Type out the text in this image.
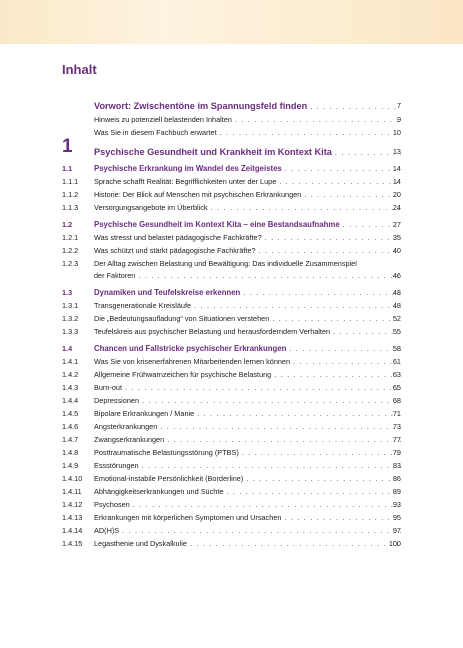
Inhalt
Vorwort: Zwischentöne im Spannungsfeld finden . . .	7
Hinweis zu potenziell belastenden Inhalten . . .	9
Was Sie in diesem Fachbuch erwartet . . .	10
1 Psychische Gesundheit und Krankheit im Kontext Kita . . .	13
1.1	Psychische Erkrankung im Wandel des Zeitgeistes . . .	14
1.1.1 Sprache schafft Realität: Begrifflichkeiten unter der Lupe . . .	14
1.1.2 Historie: Der Blick auf Menschen mit psychischen Erkrankungen . . .	20
1.1.3 Versorgungsangebote im Überblick . . .	24
1.2	Psychische Gesundheit im Kontext Kita – eine Bestandsaufnahme . . .	27
1.2.1 Was stresst und belastet pädagogische Fachkräfte? . . .	35
1.2.2 Was schützt und stärkt pädagogische Fachkräfte? . . .	40
1.2.3 Der Alltag zwischen Belastung und Bewältigung: Das individuelle Zusammenspiel
der Faktoren . . .	46
1.3	Dynamiken und Teufelskreise erkennen . . .	48
1.3.1 Transgenerationale Kreisläufe . . .	48
1.3.2 Die „Bedeutungsaufladung“ von Situationen verstehen . . .	52
1.3.3 Teufelskreis aus psychischer Belastung und herausforderndem Verhalten . . .	55
1.4	Chancen und Fallstricke psychischer Erkrankungen . . .	58
1.4.1 Was Sie von krisenerfahrenen Mitarbeitenden lernen können . . .	61
1.4.2 Allgemeine Frühwarnzeichen für psychische Belastung . . .	63
1.4.3 Burn-out . . .	65
1.4.4 Depressionen . . .	68
1.4.5 Bipolare Erkrankungen / Manie . . .	71
1.4.6 Angsterkrankungen . . .	73
1.4.7 Zwangserkrankungen . . .	77
1.4.8 Posttraumatische Belastungsstörung (PTBS) . . .	79
1.4.9 Essstörungen . . .	83
1.4.10 Emotional-instabile Persönlichkeit (Borderline) . . .	86
1.4.11 Abhängigkeitserkrankungen und Süchte . . .	89
1.4.12 Psychosen . . .	93
1.4.13 Erkrankungen mit körperlichen Symptomen und Ursachen . . .	95
1.4.14 AD(H)S . . .	97
1.4.15 Legasthenie und Dyskalkulie . . .	100
